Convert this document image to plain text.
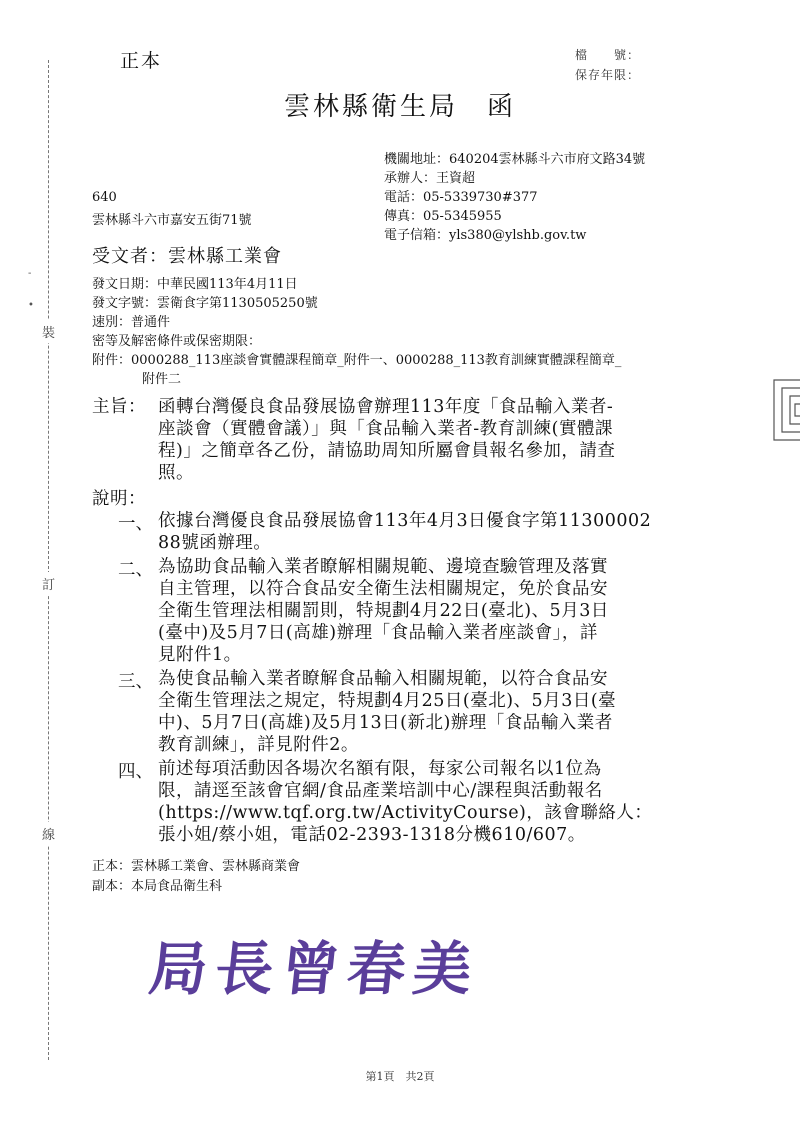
裝
訂
線
-
•
正本	檔　　號：
保存年限：
雲林縣衛生局　函
機關地址：640204雲林縣斗六市府文路34號
承辦人：王資超
電話：05-5339730#377
傳真：05-5345955
電子信箱：yls380@ylshb.gov.tw
640
雲林縣斗六市嘉安五街71號
受文者：雲林縣工業會
發文日期：中華民國113年4月11日
發文字號：雲衛食字第1130505250號
速別：普通件
密等及解密條件或保密期限：
附件：0000288_113座談會實體課程簡章_附件一、0000288_113教育訓練實體課程簡章_
附件二
主旨： 函轉台灣優良食品發展協會辦理113年度「食品輸入業者-
座談會（實體會議）」與「食品輸入業者-教育訓練(實體課
程)」之簡章各乙份，請協助周知所屬會員報名參加，請查
照。
說明：
一、 依據台灣優良食品發展協會113年4月3日優食字第11300002
88號函辦理。
二、 為協助食品輸入業者瞭解相關規範、邊境查驗管理及落實
自主管理，以符合食品安全衛生法相關規定，免於食品安
全衛生管理法相關罰則，特規劃4月22日(臺北)、5月3日
(臺中)及5月7日(高雄)辦理「食品輸入業者座談會」，詳
見附件1。
三、 為使食品輸入業者瞭解食品輸入相關規範，以符合食品安
全衛生管理法之規定，特規劃4月25日(臺北)、5月3日(臺
中)、5月7日(高雄)及5月13日(新北)辦理「食品輸入業者
教育訓練」，詳見附件2。
四、 前述每項活動因各場次名額有限，每家公司報名以1位為
限，請逕至該會官網/食品產業培訓中心/課程與活動報名
(https://www.tqf.org.tw/ActivityCourse)，該會聯絡人：
張小姐/蔡小姐，電話02-2393-1318分機610/607。
正本：雲林縣工業會、雲林縣商業會
副本：本局食品衛生科
局長曾春美
第1頁　共2頁
